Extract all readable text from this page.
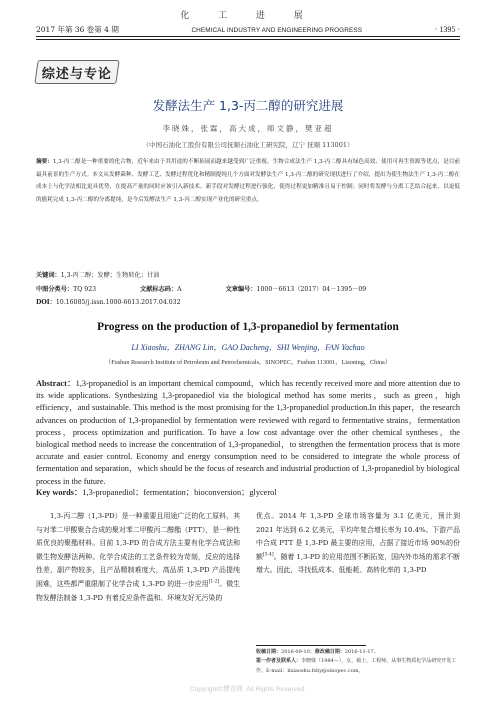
化 工 进 展
2017 年第 36 卷第 4 期	CHEMICAL INDUSTRY AND ENGINEERING PROGRESS	· 1395 ·
综述与专论
发酵法生产 1,3-丙二醇的研究进展
李晓姝，张霖，高大成，师文静，樊亚超
（中国石油化工股份有限公司抚顺石油化工研究院，辽宁 抚顺 113001）
摘要：1,3-丙二醇是一种重要的化合物，近年来由于其用途的不断拓展而越来越受到广泛重视。生物合成法生产 1,3-丙二醇具有绿色高效、使用可再生资源等优点，是目前最具前景的生产方式。本文从发酵菌种、发酵工艺、发酵过程优化和精制提纯几个方面对发酵法生产 1,3-丙二醇的研究现状进行了介绍，提出为使生物法生产 1,3-丙二醇在成本上与化学法相比更具优势，在提高产量的同时应该引入新技术、新手段对发酵过程进行强化，使得过程更加精准且易于控制；同时将发酵与分离工艺结合起来，以更低的能耗完成 1,3-丙二醇的分离提纯，是今后发酵法生产 1,3-丙二醇实现产业化的研究重点。
关键词：1,3-丙二醇；发酵；生物转化；甘油
中图分类号：TQ 923	文献标志码：A	文章编号：1000－6613（2017）04－1395－09
DOI：10.16085/j.issn.1000-6613.2017.04.032
Progress on the production of 1,3-propanediol by fermentation
LI Xiaoshu，ZHANG Lin，GAO Dacheng，SHI Wenjing，FAN Yachao
（Fushun Research Institute of Petroleum and Petrochemicals，SINOPEC，Fushun 113001，Liaoning，China）
Abstract：1,3-propanediol is an important chemical compound，which has recently received more and more attention due to its wide applications. Synthesizing 1,3-propanediol via the biological method has some merits，such as green，high efficiency，and sustainable. This method is the most promising for the 1,3-propanediol production.In this paper，the research advances on production of 1,3-propanediol by fermentation were reviewed with regard to fermentative strains，fermentation process，process optimization and purification. To have a low cost advantage over the other chemical syntheses，the biological method needs to increase the concentration of 1,3-propanediol，to strengthen the fermentation process that is more accurate and easier control. Economy and energy consumption need to be considered to integrate the whole process of fermentation and separation，which should be the focus of research and industrial production of 1,3-propanediol by biological process in the future.
Key words：1,3-propanediol；fermentation；bioconversion；glycerol
1,3-丙二醇（1,3-PD）是一种重要且用途广泛的化工原料，其与对苯二甲酸聚合合成的聚对苯二甲酸丙二醇酯（PTT），是一种性质优良的聚酯材料。目前 1,3-PD 的合成方法主要有化学合成法和微生物发酵法两种。化学合成法的工艺条件较为苛刻，反应的选择性差，副产物较多，且产品精制难度大，高品质 1,3-PD 产品提纯困难，这些都严重限制了化学合成 1,3-PD 的进一步应用[1-2]。微生物发酵法制备 1,3-PD 有着反应条件温和、环境友好无污染的
优点。2014 年 1,3-PD 全球市场容量为 3.1 亿美元，预计到 2021 年达到 6.2 亿美元，平均年复合增长率为 10.4%。下游产品中合成 PTT 是 1,3-PD 最主要的应用，占据了接近市场 90%的份额[3-4]。随着 1,3-PD 的应用范围不断拓宽，国内外市场的需求不断增大。因此，寻找低成本、低能耗、高转化率的 1,3-PD
收稿日期：2016-09-10；修改稿日期：2016-11-17。
第一作者及联系人：李晓姝（1984—），女，硕士，工程师，从事生物质化学品研究开发工作。E-mail：lixiaoshu.fshy@sinopec.com。
Copyright©博看网. All Rights Reserved.
